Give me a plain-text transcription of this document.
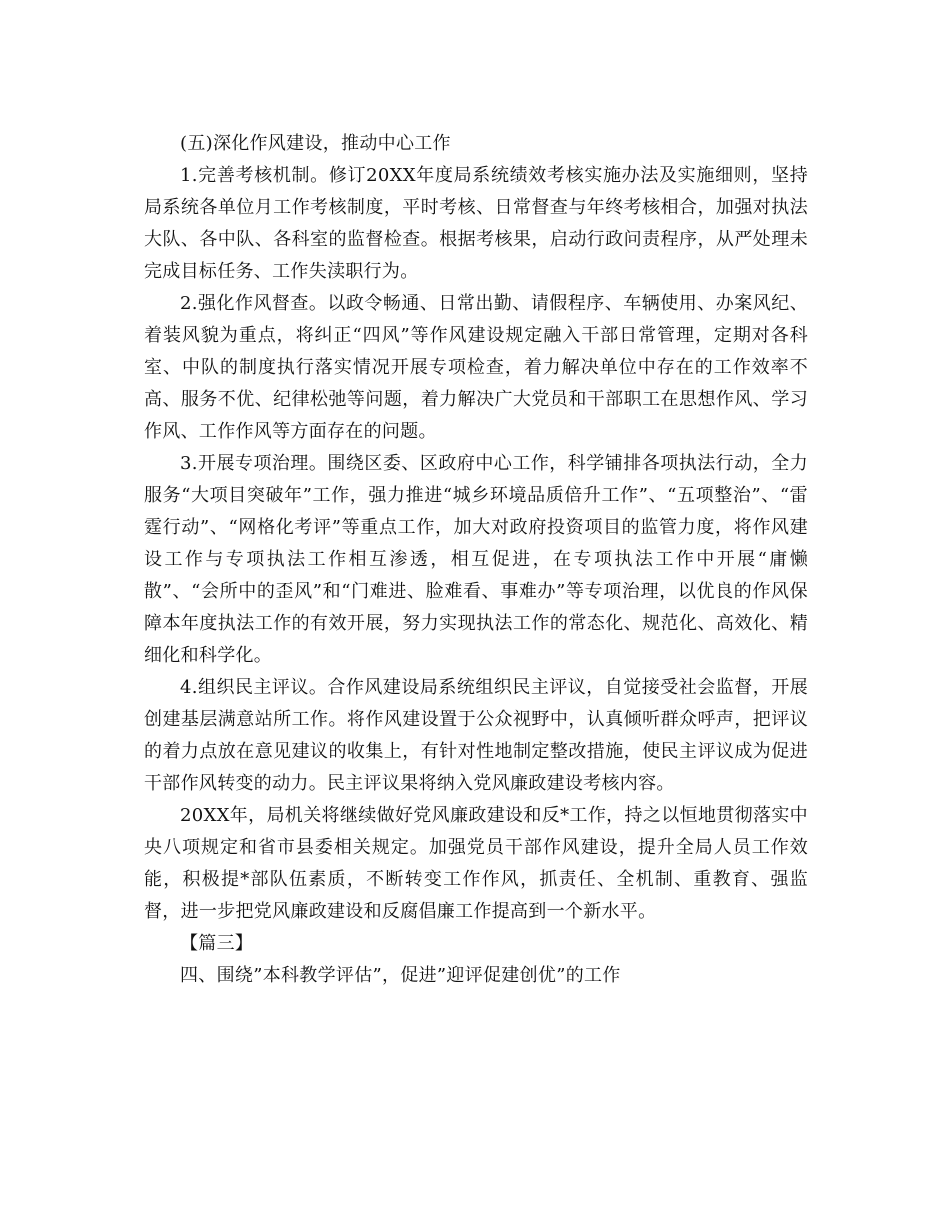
(五)深化作风建设，推动中心工作

1.完善考核机制。修订20XX年度局系统绩效考核实施办法及实施细则，坚持局系统各单位月工作考核制度，平时考核、日常督查与年终考核相合，加强对执法大队、各中队、各科室的监督检查。根据考核果，启动行政问责程序，从严处理未完成目标任务、工作失渎职行为。

2.强化作风督查。以政令畅通、日常出勤、请假程序、车辆使用、办案风纪、着装风貌为重点，将纠正“四风”等作风建设规定融入干部日常管理，定期对各科室、中队的制度执行落实情况开展专项检查，着力解决单位中存在的工作效率不高、服务不优、纪律松弛等问题，着力解决广大党员和干部职工在思想作风、学习作风、工作作风等方面存在的问题。

3.开展专项治理。围绕区委、区政府中心工作，科学铺排各项执法行动，全力服务“大项目突破年”工作，强力推进“城乡环境品质倍升工作”、“五项整治”、“雷霆行动”、“网格化考评”等重点工作，加大对政府投资项目的监管力度，将作风建设工作与专项执法工作相互渗透，相互促进，在专项执法工作中开展“庸懒散”、“会所中的歪风”和“门难进、脸难看、事难办”等专项治理，以优良的作风保障本年度执法工作的有效开展，努力实现执法工作的常态化、规范化、高效化、精细化和科学化。

4.组织民主评议。合作风建设局系统组织民主评议，自觉接受社会监督，开展创建基层满意站所工作。将作风建设置于公众视野中，认真倾听群众呼声，把评议的着力点放在意见建议的收集上，有针对性地制定整改措施，使民主评议成为促进干部作风转变的动力。民主评议果将纳入党风廉政建设考核内容。

20XX年，局机关将继续做好党风廉政建设和反*工作，持之以恒地贯彻落实中央八项规定和省市县委相关规定。加强党员干部作风建设，提升全局人员工作效能，积极提*部队伍素质，不断转变工作作风，抓责任、全机制、重教育、强监督，进一步把党风廉政建设和反腐倡廉工作提高到一个新水平。

【篇三】

四、围绕”本科教学评估”，促进”迎评促建创优”的工作
